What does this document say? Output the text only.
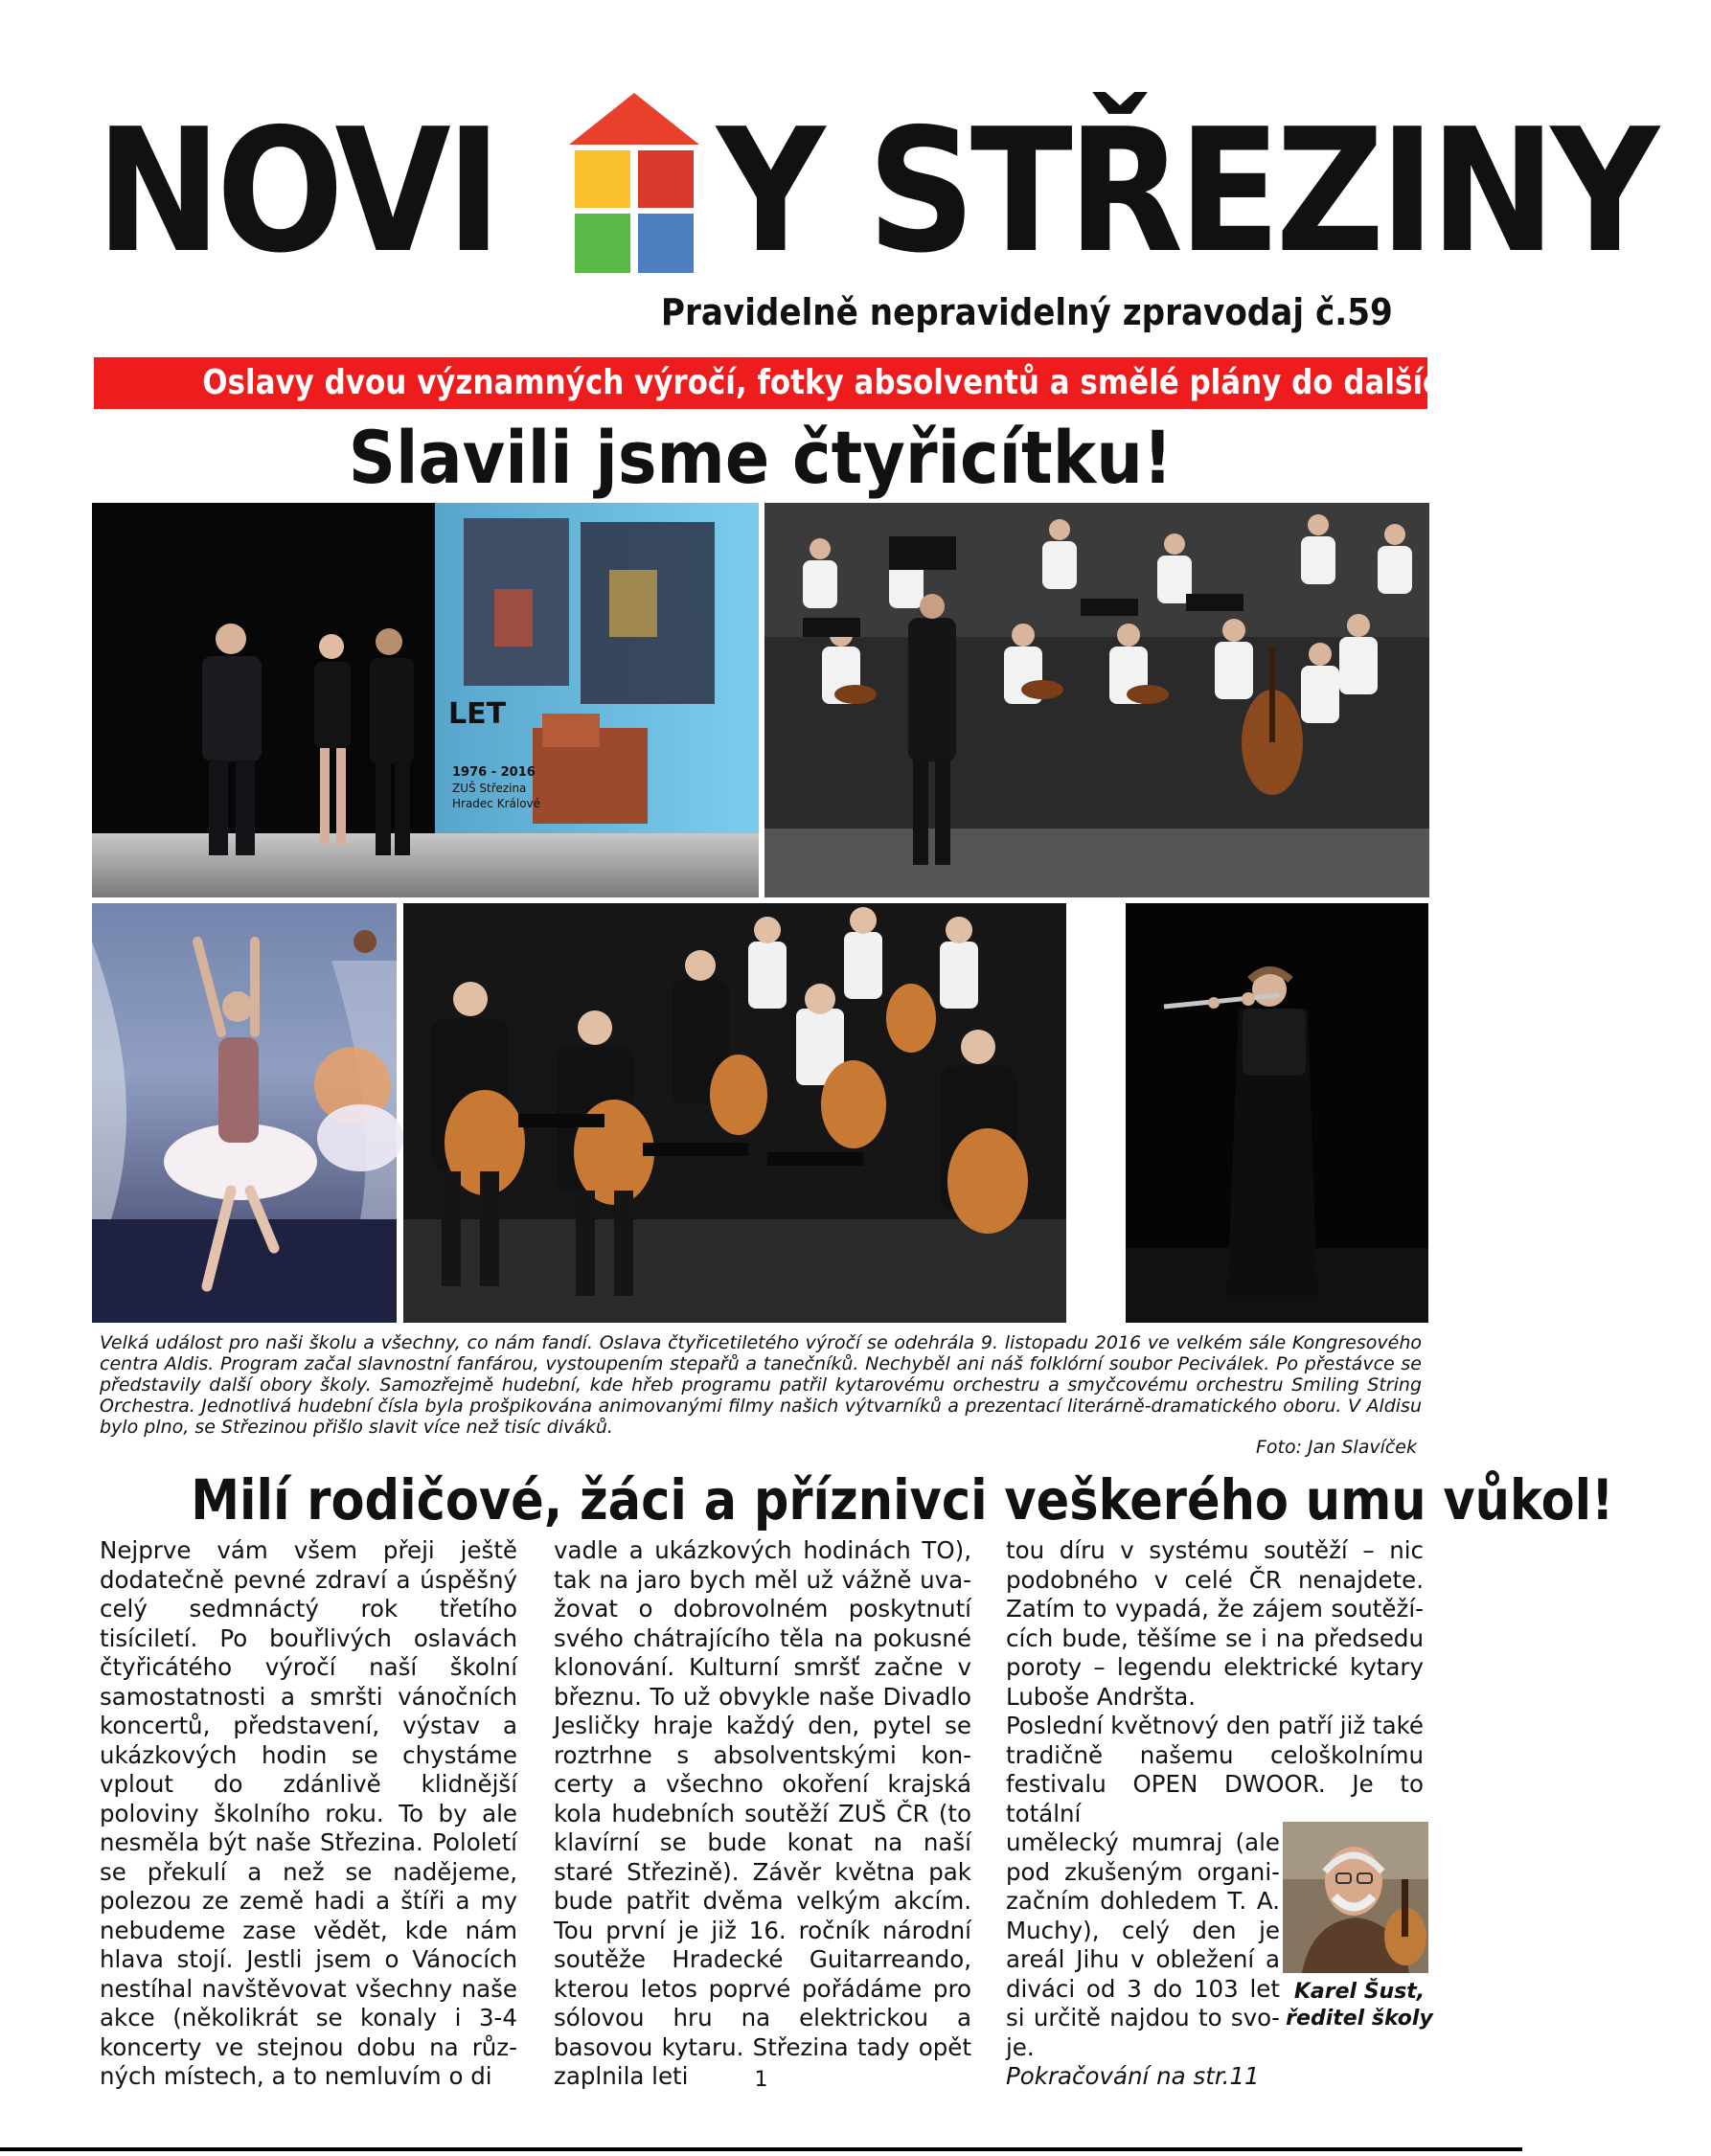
NOVI Y STŘEZINY
Pravidelně nepravidelný zpravodaj č.59
Oslavy dvou významných výročí, fotky absolventů a smělé plány do dalších dnů
Slavili jsme čtyřicítku!
LET
1976 - 2016
ZUŠ Střezina
Hradec Králové
Velká událost pro naši školu a všechny, co nám fandí. Oslava čtyřicetiletého výročí se odehrála 9. listopadu 2016 ve velkém sále Kongresového centra Aldis. Program začal slavnostní fanfárou, vystoupením stepařů a tanečníků. Nechyběl ani náš folklórní soubor Peciválek. Po přestávce se představily další obory školy. Samozřejmě hudební, kde hřeb programu patřil kytarovému orchestru a smyčcovému orchestru Smiling String Orchestra. Jednotlivá hudební čísla byla prošpikována animovanými filmy našich výtvarníků a prezentací literárně-dramatického oboru. V Aldisu bylo plno, se Střezinou přišlo slavit více než tisíc diváků.
Foto: Jan Slavíček
Milí rodičové, žáci a příznivci veškerého umu vůkol!

Nejprve vám všem přeji ještě dodatečně pevné zdraví a úspěšný celý sedmnáctý rok třetího tisíciletí. Po bouřlivých oslavách čtyřicátého výročí naší školní samostatnosti a smršti vánočních koncertů, představení, výstav a ukázkových hodin se chystáme vplout do zdánlivě klidnější poloviny školního roku. To by ale nesměla být naše Střezina. Pololetí se překulí a než se nadějeme, polezou ze země hadi a štíři a my nebudeme zase vědět, kde nám hlava stojí. Jestli jsem o Vánocích nestíhal navštěvovat všechny naše akce (několikrát se konaly i 3-4 koncerty ve stejnou dobu na různých místech, a to nemluvím o di

vadle a ukázkových hodinách TO), tak na jaro bych měl už vážně uvažovat o dobrovolném poskytnutí svého chátrajícího těla na pokusné klonování. Kulturní smršť začne v březnu. To už obvykle naše Divadlo Jesličky hraje každý den, pytel se roztrhne s absolventskými koncerty a všechno okoření krajská kola hudebních soutěží ZUŠ ČR (to klavírní se bude konat na naší staré Střezině). Závěr května pak bude patřit dvěma velkým akcím. Tou první je již 16. ročník národní soutěže Hradecké Guitarreando, kterou letos poprvé pořádáme pro sólovou hru na elektrickou a basovou kytaru. Střezina tady opět zaplnila leti

tou díru v systému soutěží – nic podobného v celé ČR nenajdete. Zatím to vypadá, že zájem soutěžících bude, těšíme se i na předsedu poroty – legendu elektrické kytary Luboše Andršta.

Poslední květnový den patří již také tradičně našemu celoškolnímu festivalu OPEN DWOOR. Je to totální

umělecký mumraj (ale pod zkušeným organizačním dohledem T. A. Muchy), celý den je areál Jihu v obležení a diváci od 3 do 103 let si určitě najdou to svoje.

Pokračování na str.11

Karel Šust,
ředitel školy
1
